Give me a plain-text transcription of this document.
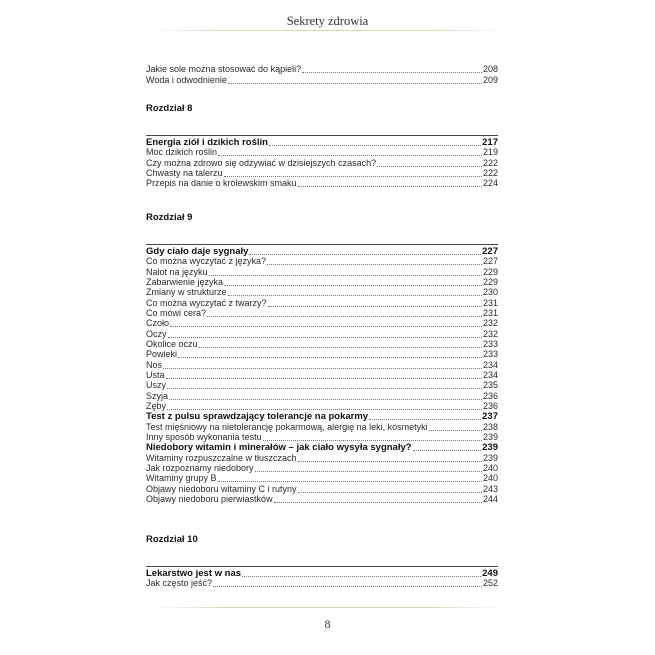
Sekrety zdrowia
Jakie sole można stosować do kąpieli?	208
Woda i odwodnienie	209
Rozdział 8
Energia ziół i dzikich roślin	217
Moc dzikich roślin	219
Czy można zdrowo się odżywiać w dzisiejszych czasach?	222
Chwasty na talerzu	222
Przepis na danie o królewskim smaku	224
Rozdział 9
Gdy ciało daje sygnały	227
Co można wyczytać z języka?	227
Nalot na języku	229
Zabarwienie języka	229
Zmiany w strukturze	230
Co można wyczytać z twarzy?	231
Co mówi cera?	231
Czoło	232
Oczy	232
Okolice oczu	233
Powieki	233
Nos	234
Usta	234
Uszy	235
Szyja	236
Zęby	236
Test z pulsu sprawdzający tolerancje na pokarmy	237
Test mięśniowy na nietolerancję pokarmową, alergię na leki, kosmetyki	238
Inny sposób wykonania testu	239
Niedobory witamin i minerałów – jak ciało wysyła sygnały?	239
Witaminy rozpuszczalne w tłuszczach	239
Jak rozpoznamy niedobory	240
Witaminy grupy B	240
Objawy niedoboru witaminy C i rutyny	243
Objawy niedoboru pierwiastków	244
Rozdział 10
Lekarstwo jest w nas	249
Jak często jeść?	252
8
